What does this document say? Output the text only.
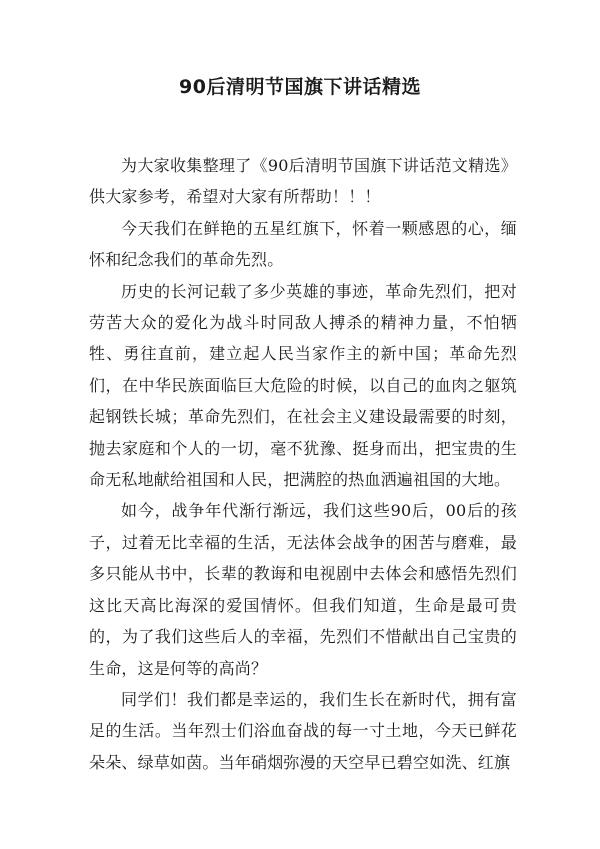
90后清明节国旗下讲话精选

为大家收集整理了《90后清明节国旗下讲话范文精选》供大家参考，希望对大家有所帮助！！！

今天我们在鲜艳的五星红旗下，怀着一颗感恩的心，缅怀和纪念我们的革命先烈。

历史的长河记载了多少英雄的事迹，革命先烈们，把对劳苦大众的爱化为战斗时同敌人搏杀的精神力量，不怕牺牲、勇往直前，建立起人民当家作主的新中国；革命先烈们，在中华民族面临巨大危险的时候，以自己的血肉之躯筑起钢铁长城；革命先烈们，在社会主义建设最需要的时刻，抛去家庭和个人的一切，毫不犹豫、挺身而出，把宝贵的生命无私地献给祖国和人民，把满腔的热血洒遍祖国的大地。

如今，战争年代渐行渐远，我们这些90后，00后的孩子，过着无比幸福的生活，无法体会战争的困苦与磨难，最多只能从书中，长辈的教诲和电视剧中去体会和感悟先烈们这比天高比海深的爱国情怀。但我们知道，生命是最可贵的，为了我们这些后人的幸福，先烈们不惜献出自己宝贵的生命，这是何等的高尚？

同学们！我们都是幸运的，我们生长在新时代，拥有富足的生活。当年烈士们浴血奋战的每一寸土地，今天已鲜花朵朵、绿草如茵。当年硝烟弥漫的天空早已碧空如洗、红旗
